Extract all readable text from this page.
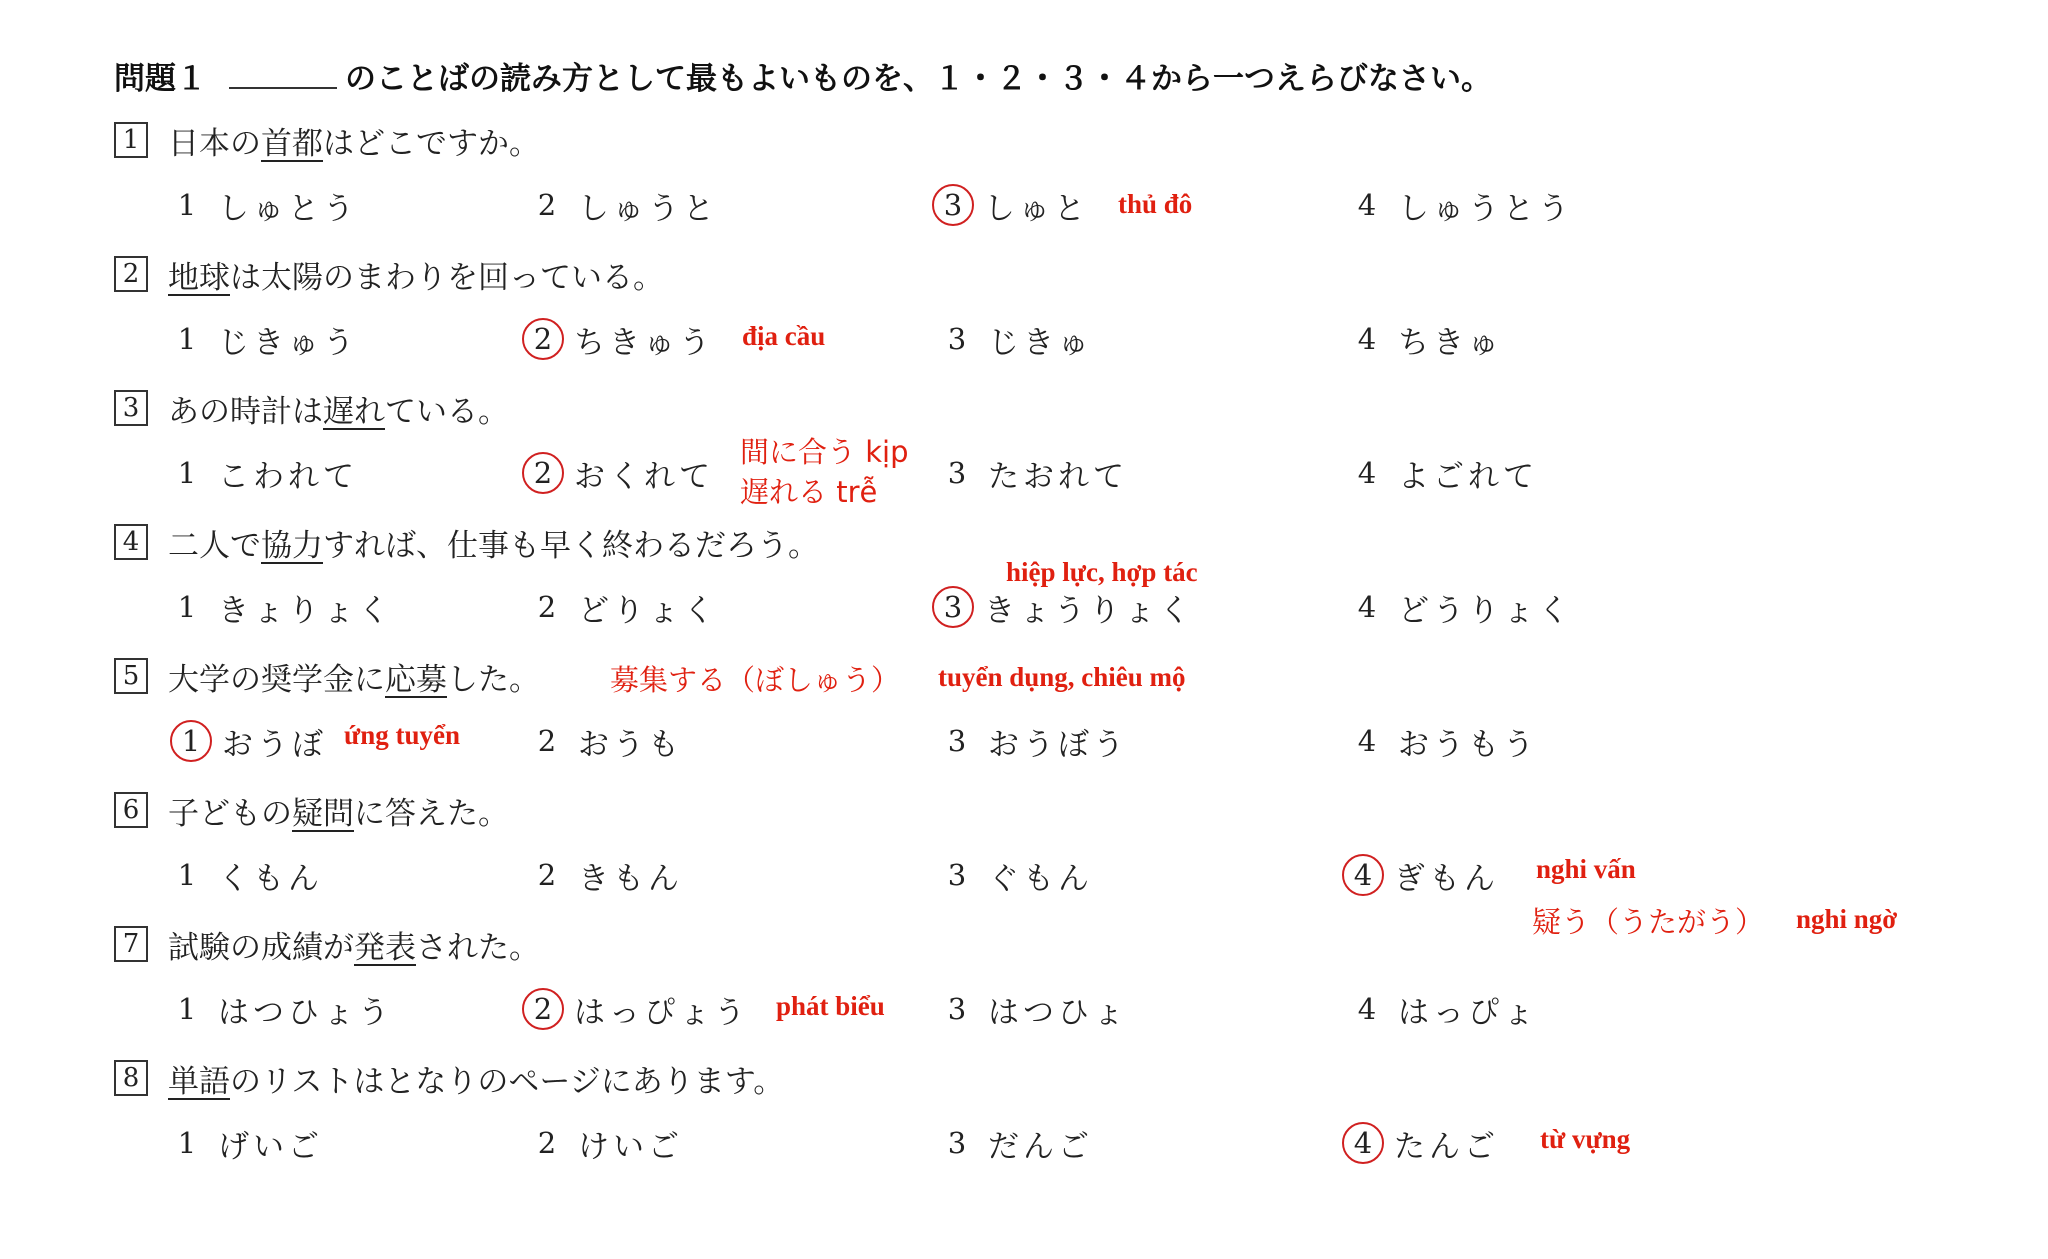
問題１	のことばの読み方として最もよいものを、１・２・３・４から一つえらびなさい。
1 日本の 首都 はどこですか。
1 しゅとう	2 しゅうと	3 しゅと	4 しゅうとう
thủ đô
2 地球 は太陽のまわりを回っている。
1 じきゅう	2 ちきゅう	3 じきゅ	4 ちきゅ
địa cầu
3 あの時計は 遅れ ている。
1 こわれて	2 おくれて	3 たおれて	4 よごれて
間に合う kịp
遅れる trễ
4 二人で 協力 すれば、仕事も早く終わるだろう。
hiệp lực, hợp tác
1 きょりょく	2 どりょく	3 きょうりょく	4 どうりょく
5 大学の奨学金に 応募 した。 募集する（ぼしゅう） tuyển dụng, chiêu mộ
1 おうぼ ứng tuyển	2 おうも	3 おうぼう	4 おうもう
6 子どもの 疑問 に答えた。
1 くもん	2 きもん	3 ぐもん	4 ぎもん nghi vấn
疑う（うたがう） nghi ngờ
7 試験の成績が 発表 された。
1 はつひょう	2 はっぴょう phát biểu	3 はつひょ	4 はっぴょ
8 単語 のリストはとなりのページにあります。
1 げいご	2 けいご	3 だんご	4 たんご từ vựng
